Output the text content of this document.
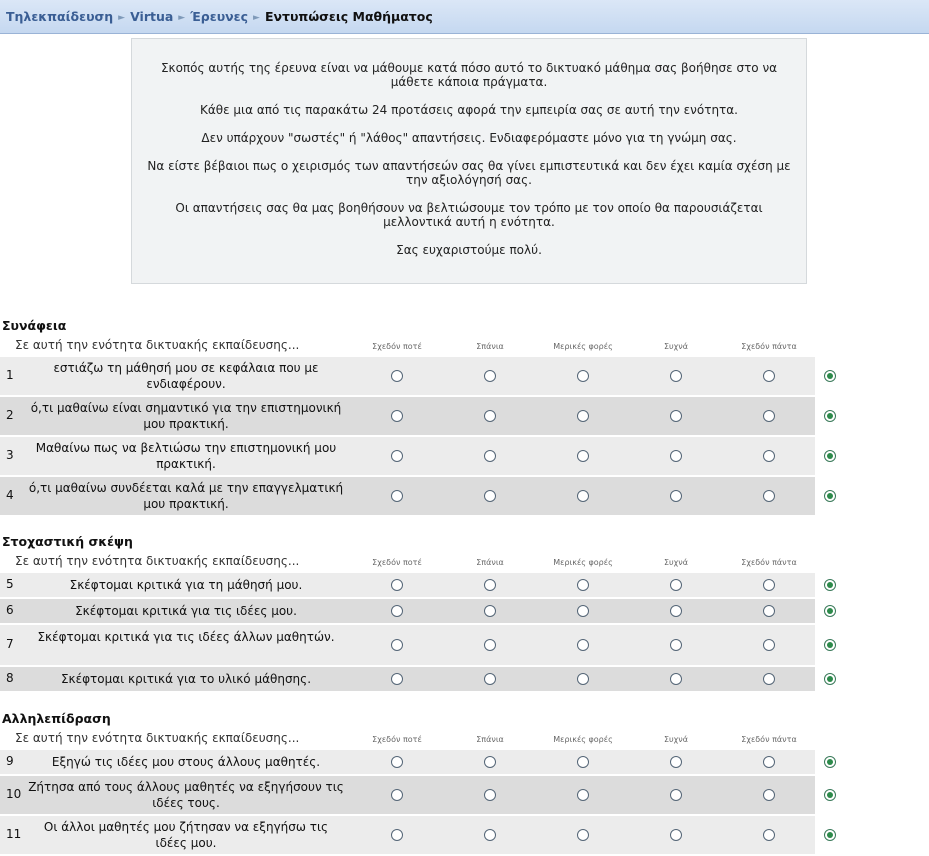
Τηλεκπαίδευση ► Virtua ► Έρευνες ► Εντυπώσεις Μαθήματος

Σκοπός αυτής της έρευνα είναι να μάθουμε κατά πόσο αυτό το δικτυακό μάθημα σας βοήθησε στο να μάθετε κάποια πράγματα.

Κάθε μια από τις παρακάτω 24 προτάσεις αφορά την εμπειρία σας σε αυτή την ενότητα.

Δεν υπάρχουν "σωστές" ή "λάθος" απαντήσεις. Ενδιαφερόμαστε μόνο για τη γνώμη σας.

Να είστε βέβαιοι πως ο χειρισμός των απαντήσεών σας θα γίνει εμπιστευτικά και δεν έχει καμία σχέση με την αξιολόγησή σας.

Οι απαντήσεις σας θα μας βοηθήσουν να βελτιώσουμε τον τρόπο με τον οποίο θα παρουσιάζεται μελλοντικά αυτή η ενότητα.

Σας ευχαριστούμε πολύ.

Συνάφεια
Σε αυτή την ενότητα δικτυακής εκπαίδευσης...	Σχεδόν ποτέ	Σπάνια	Μερικές φορές	Συχνά	Σχεδόν πάντα
1	εστιάζω τη μάθησή μου σε κεφάλαια που με ενδιαφέρουν.
2 ό,τι μαθαίνω είναι σημαντικό για την επιστημονική μου πρακτική.
3	Μαθαίνω πως να βελτιώσω την επιστημονική μου πρακτική.
4 ό,τι μαθαίνω συνδέεται καλά με την επαγγελματική μου πρακτική.
Στοχαστική σκέψη
Σε αυτή την ενότητα δικτυακής εκπαίδευσης...	Σχεδόν ποτέ	Σπάνια	Μερικές φορές	Συχνά	Σχεδόν πάντα
5	Σκέφτομαι κριτικά για τη μάθησή μου.
6	Σκέφτομαι κριτικά για τις ιδέες μου.
7	Σκέφτομαι κριτικά για τις ιδέες άλλων μαθητών.
8	Σκέφτομαι κριτικά για το υλικό μάθησης.
Αλληλεπίδραση
Σε αυτή την ενότητα δικτυακής εκπαίδευσης...	Σχεδόν ποτέ	Σπάνια	Μερικές φορές	Συχνά	Σχεδόν πάντα
9	Εξηγώ τις ιδέες μου στους άλλους μαθητές.
10 Ζήτησα από τους άλλους μαθητές να εξηγήσουν τις ιδέες τους.
11	Οι άλλοι μαθητές μου ζήτησαν να εξηγήσω τις ιδέες μου.
